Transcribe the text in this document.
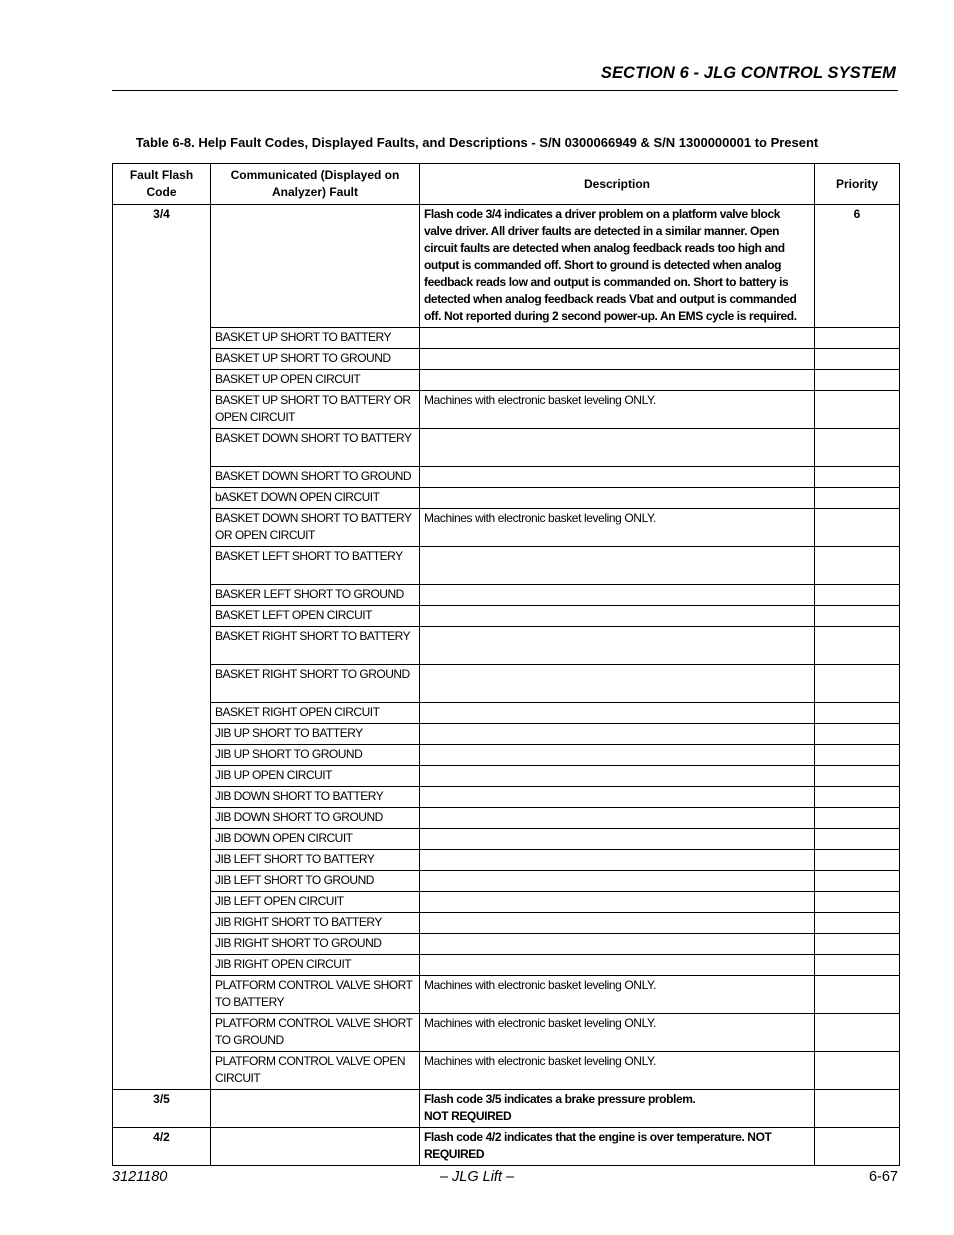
SECTION 6 - JLG CONTROL SYSTEM
Table 6-8. Help Fault Codes, Displayed Faults, and Descriptions - S/N 0300066949 & S/N 1300000001 to Present
Fault Flash Code	Communicated (Displayed on Analyzer) Fault	Description	Priority
3/4		Flash code 3/4 indicates a driver problem on a platform valve block valve driver. All driver faults are detected in a similar manner. Open circuit faults are detected when analog feedback reads too high and output is commanded off. Short to ground is detected when analog feedback reads low and output is commanded on. Short to battery is detected when analog feedback reads Vbat and output is commanded off. Not reported during 2 second power-up. An EMS cycle is required.	6
	BASKET UP SHORT TO BATTERY		
	BASKET UP SHORT TO GROUND		
	BASKET UP OPEN CIRCUIT		
	BASKET UP SHORT TO BATTERY OR OPEN CIRCUIT	Machines with electronic basket leveling ONLY.	
	BASKET DOWN SHORT TO BATTERY		
	BASKET DOWN SHORT TO GROUND		
	bASKET DOWN OPEN CIRCUIT		
	BASKET DOWN SHORT TO BATTERY OR OPEN CIRCUIT	Machines with electronic basket leveling ONLY.	
	BASKET LEFT SHORT TO BATTERY		
	BASKER LEFT SHORT TO GROUND		
	BASKET LEFT OPEN CIRCUIT		
	BASKET RIGHT SHORT TO BATTERY		
	BASKET RIGHT SHORT TO GROUND		
	BASKET RIGHT OPEN CIRCUIT		
	JIB UP SHORT TO BATTERY		
	JIB UP SHORT TO GROUND		
	JIB UP OPEN CIRCUIT		
	JIB DOWN SHORT TO BATTERY		
	JIB DOWN SHORT TO GROUND		
	JIB DOWN OPEN CIRCUIT		
	JIB LEFT SHORT TO BATTERY		
	JIB LEFT SHORT TO GROUND		
	JIB LEFT OPEN CIRCUIT		
	JIB RIGHT SHORT TO BATTERY		
	JIB RIGHT SHORT TO GROUND		
	JIB RIGHT OPEN CIRCUIT		
	PLATFORM CONTROL VALVE SHORT TO BATTERY	Machines with electronic basket leveling ONLY.	
	PLATFORM CONTROL VALVE SHORT TO GROUND	Machines with electronic basket leveling ONLY.	
	PLATFORM CONTROL VALVE OPEN CIRCUIT	Machines with electronic basket leveling ONLY.	
3/5		Flash code 3/5 indicates a brake pressure problem.
NOT REQUIRED	
4/2		Flash code 4/2 indicates that the engine is over temperature. NOT REQUIRED	
3121180	– JLG Lift –	6-67
